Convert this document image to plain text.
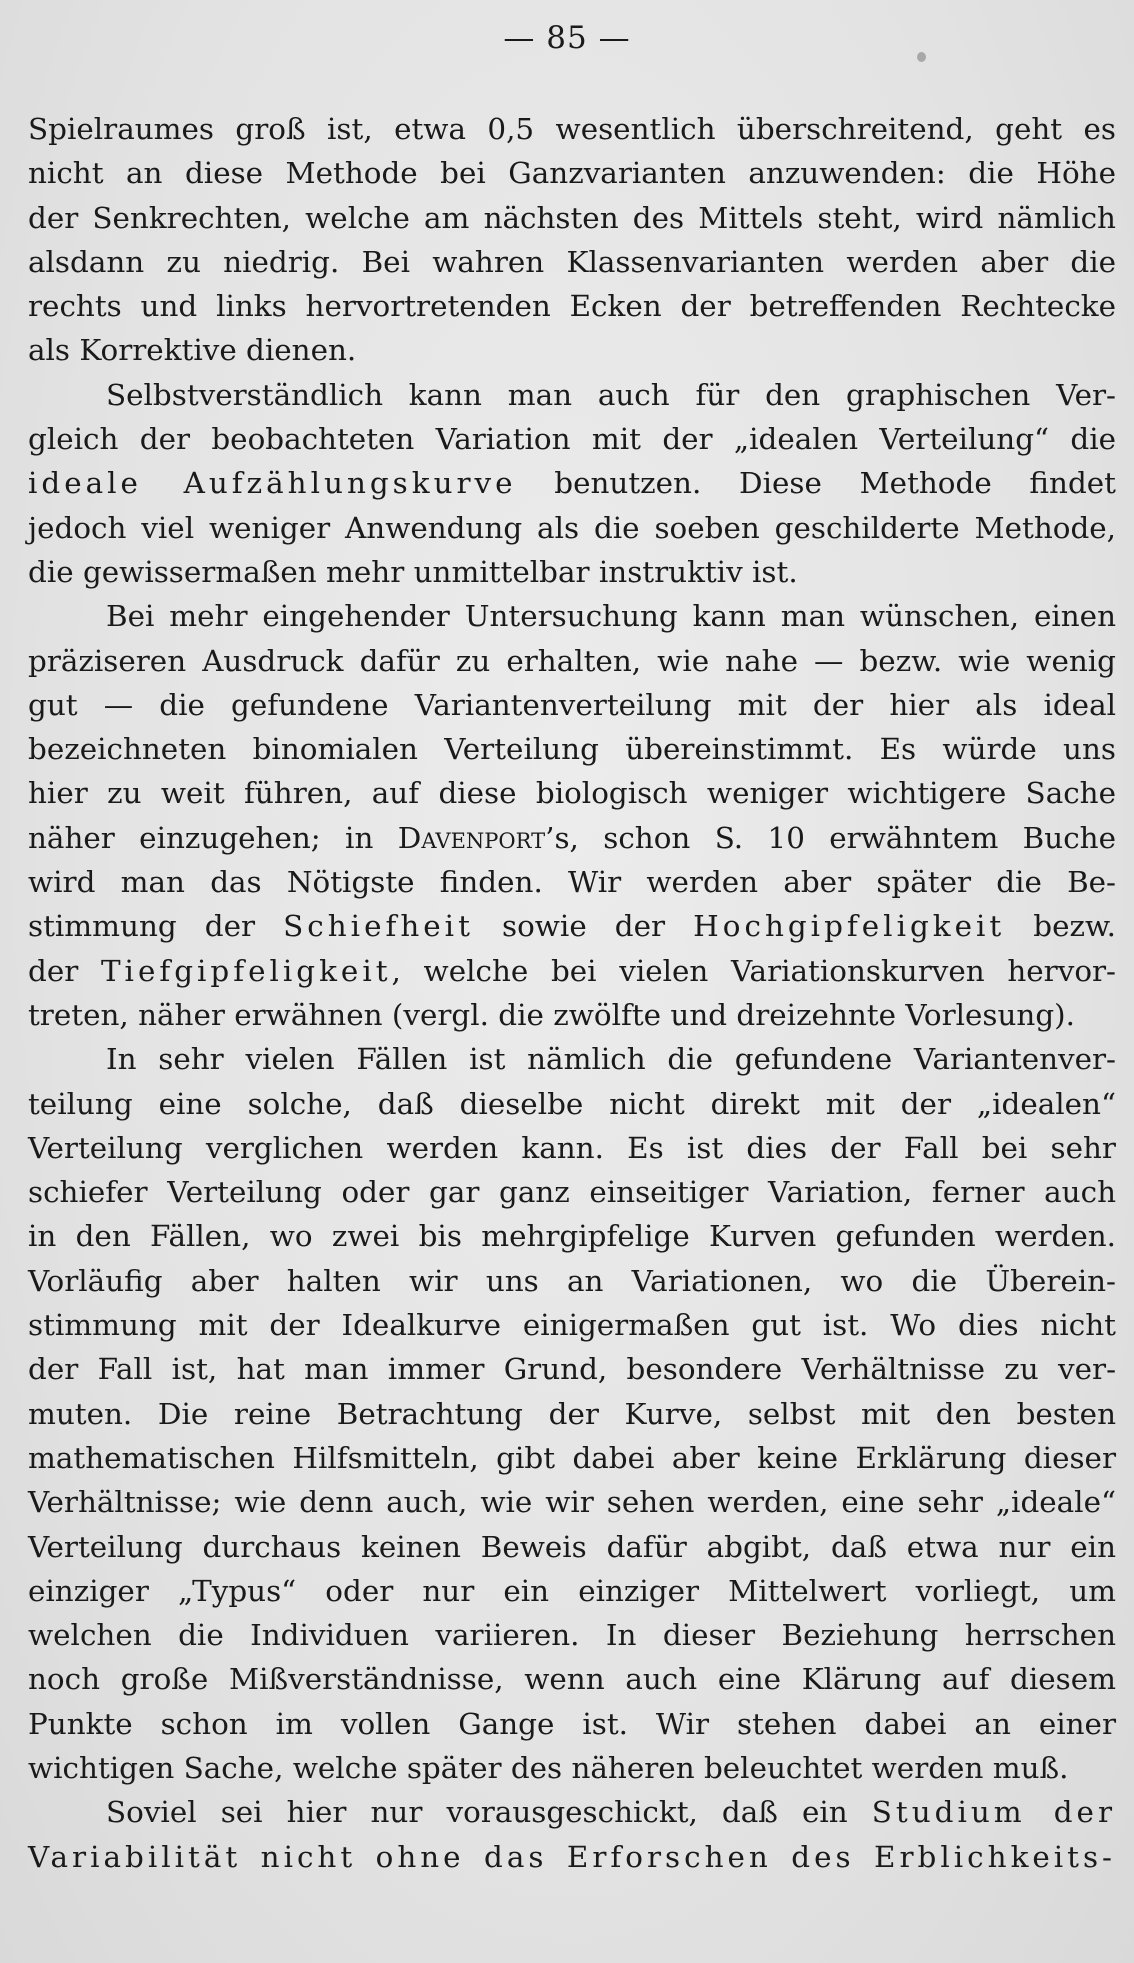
— 85 —
Spielraumes groß ist, etwa 0,5 wesentlich überschreitend, geht es
nicht an diese Methode bei Ganzvarianten anzuwenden: die Höhe
der Senkrechten, welche am nächsten des Mittels steht, wird nämlich
alsdann zu niedrig. Bei wahren Klassenvarianten werden aber die
rechts und links hervortretenden Ecken der betreffenden Rechtecke
als Korrektive dienen.
Selbstverständlich kann man auch für den graphischen Ver-
gleich der beobachteten Variation mit der „idealen Verteilung“ die
ideale Aufzählungskurve benutzen. Diese Methode findet
jedoch viel weniger Anwendung als die soeben geschilderte Methode,
die gewissermaßen mehr unmittelbar instruktiv ist.
Bei mehr eingehender Untersuchung kann man wünschen, einen
präziseren Ausdruck dafür zu erhalten, wie nahe — bezw. wie wenig
gut — die gefundene Variantenverteilung mit der hier als ideal
bezeichneten binomialen Verteilung übereinstimmt. Es würde uns
hier zu weit führen, auf diese biologisch weniger wichtigere Sache
näher einzugehen; in Davenport’s, schon S. 10 erwähntem Buche
wird man das Nötigste finden. Wir werden aber später die Be-
stimmung der Schiefheit sowie der Hochgipfeligkeit bezw.
der Tiefgipfeligkeit, welche bei vielen Variationskurven hervor-
treten, näher erwähnen (vergl. die zwölfte und dreizehnte Vorlesung).
In sehr vielen Fällen ist nämlich die gefundene Variantenver-
teilung eine solche, daß dieselbe nicht direkt mit der „idealen“
Verteilung verglichen werden kann. Es ist dies der Fall bei sehr
schiefer Verteilung oder gar ganz einseitiger Variation, ferner auch
in den Fällen, wo zwei bis mehrgipfelige Kurven gefunden werden.
Vorläufig aber halten wir uns an Variationen, wo die Überein-
stimmung mit der Idealkurve einigermaßen gut ist. Wo dies nicht
der Fall ist, hat man immer Grund, besondere Verhältnisse zu ver-
muten. Die reine Betrachtung der Kurve, selbst mit den besten
mathematischen Hilfsmitteln, gibt dabei aber keine Erklärung dieser
Verhältnisse; wie denn auch, wie wir sehen werden, eine sehr „ideale“
Verteilung durchaus keinen Beweis dafür abgibt, daß etwa nur ein
einziger „Typus“ oder nur ein einziger Mittelwert vorliegt, um
welchen die Individuen variieren. In dieser Beziehung herrschen
noch große Mißverständnisse, wenn auch eine Klärung auf diesem
Punkte schon im vollen Gange ist. Wir stehen dabei an einer
wichtigen Sache, welche später des näheren beleuchtet werden muß.
Soviel sei hier nur vorausgeschickt, daß ein Studium der
Variabilität nicht ohne das Erforschen des Erblichkeits-
